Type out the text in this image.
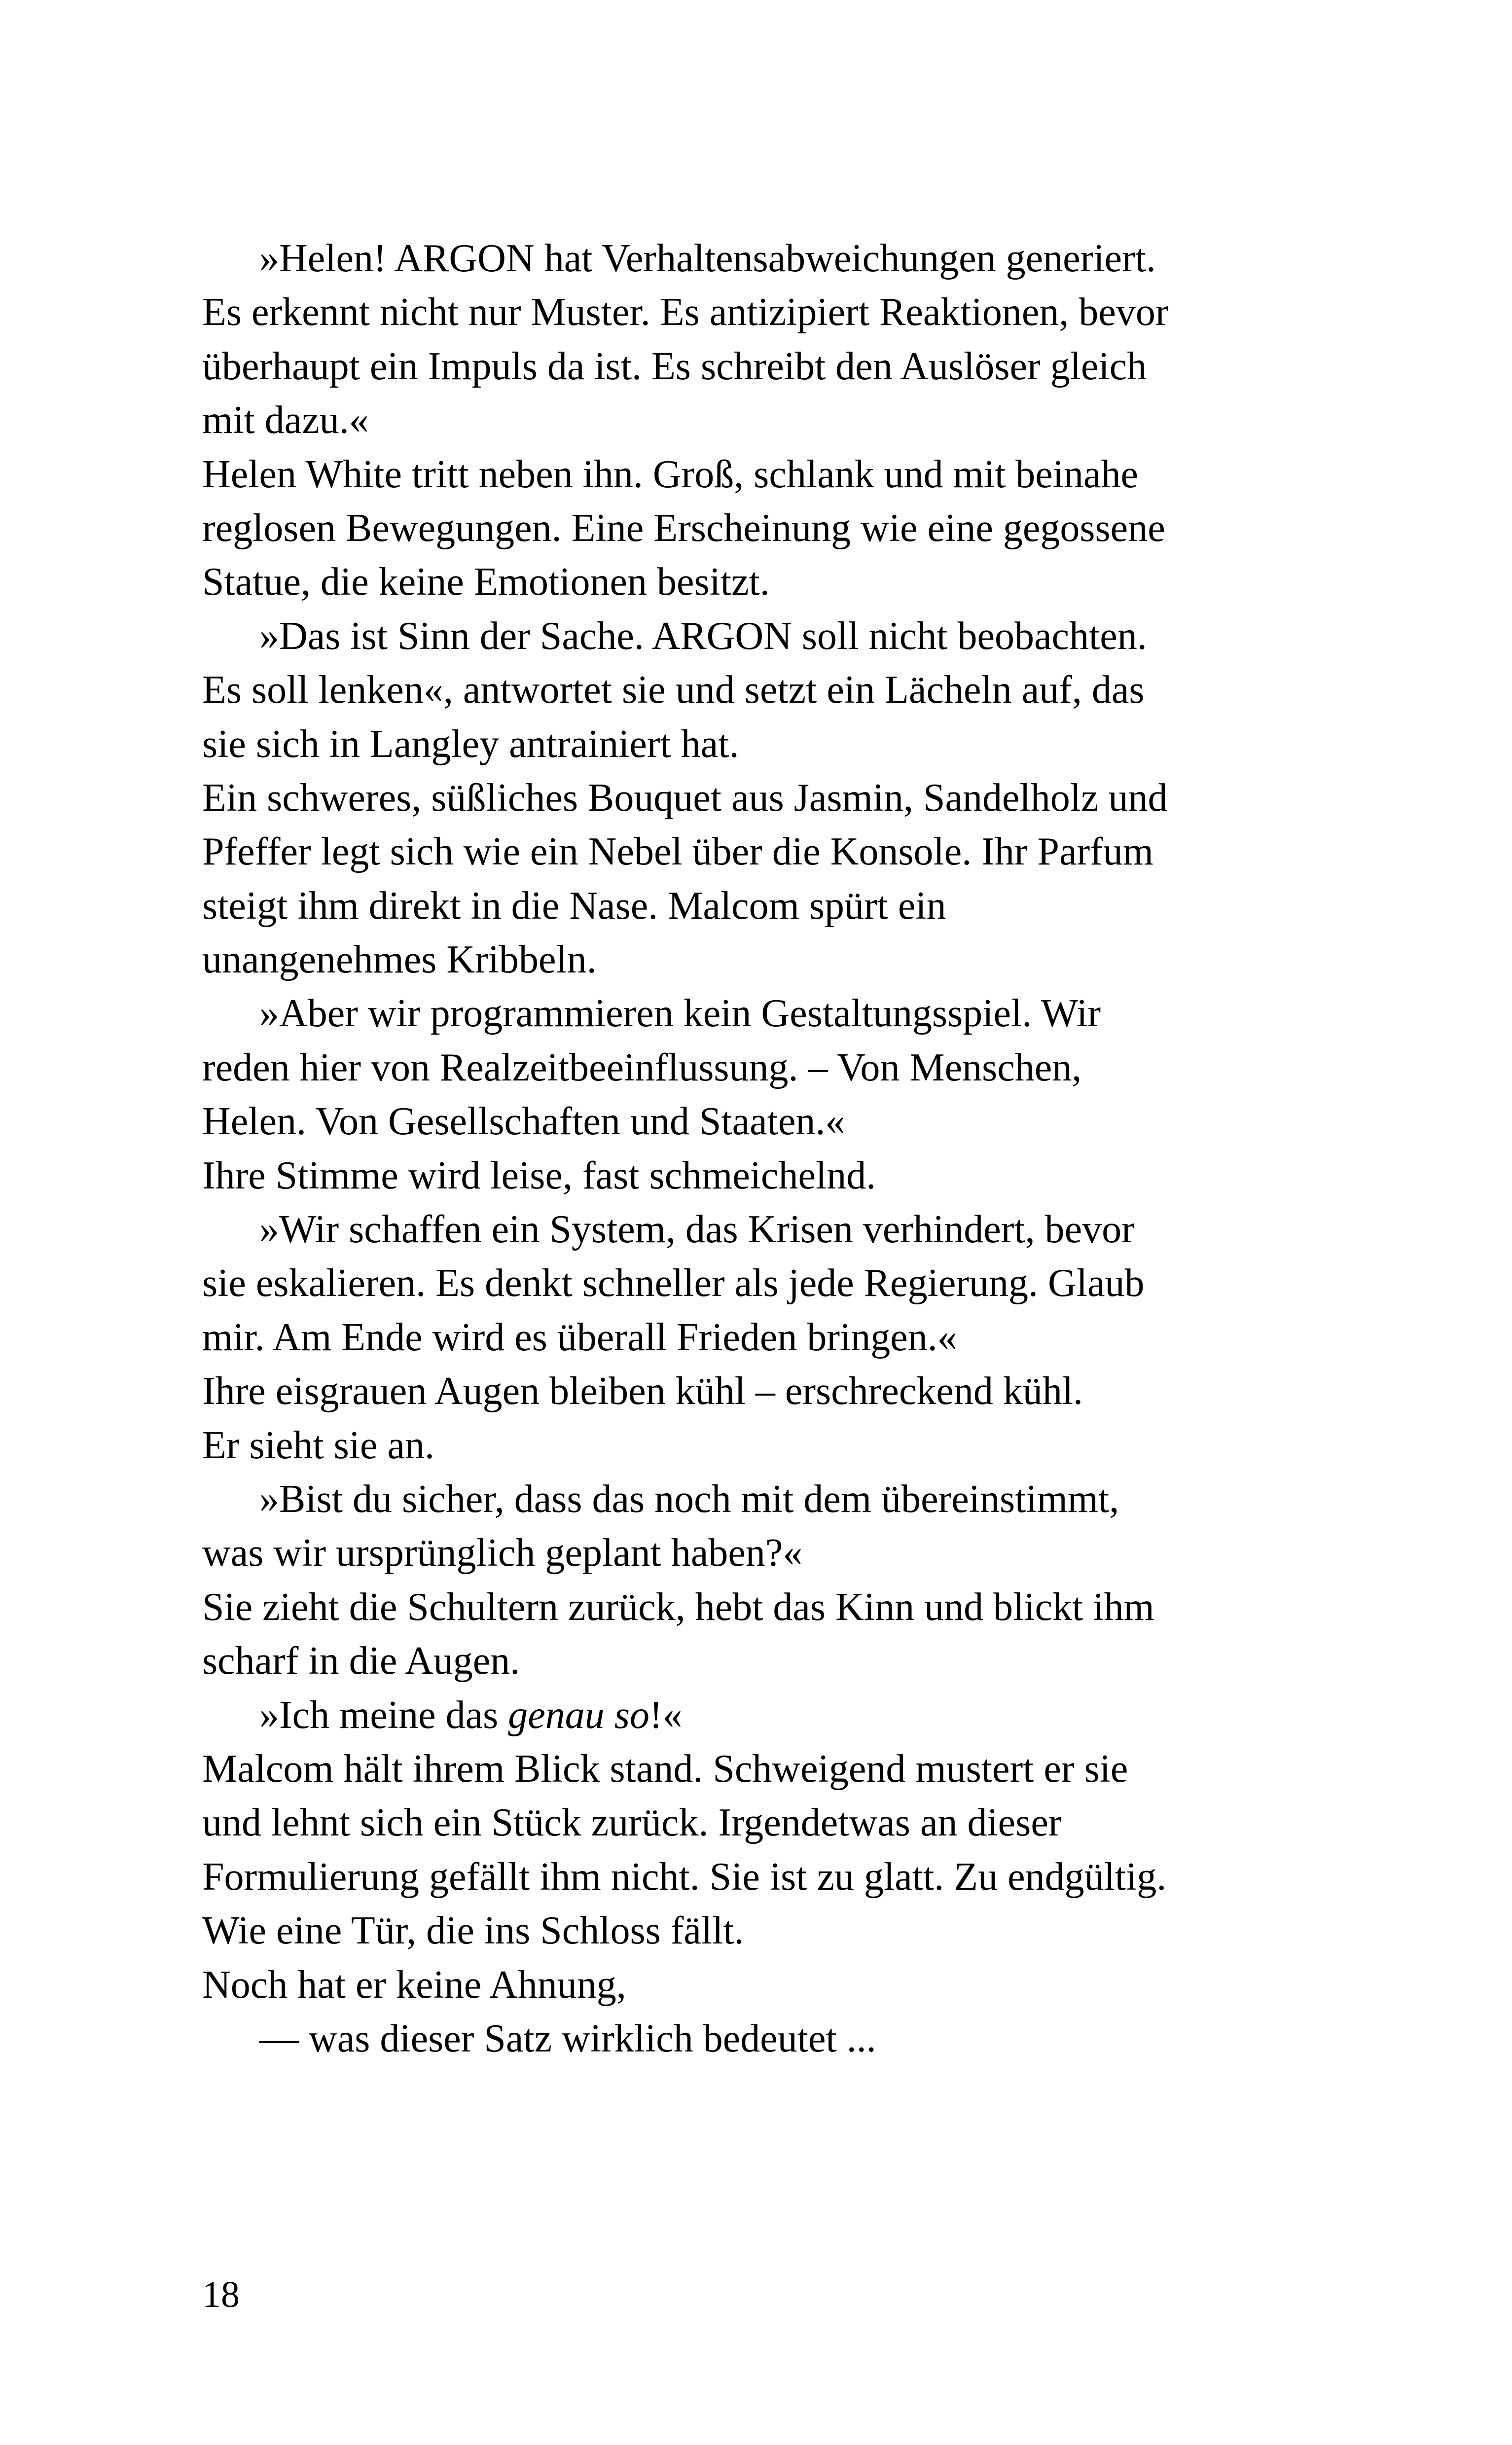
»Helen! ARGON hat Verhaltensabweichungen generiert.
Es erkennt nicht nur Muster. Es antizipiert Reaktionen, bevor
überhaupt ein Impuls da ist. Es schreibt den Auslöser gleich
mit dazu.«
Helen White tritt neben ihn. Groß, schlank und mit beinahe
reglosen Bewegungen. Eine Erscheinung wie eine gegossene
Statue, die keine Emotionen besitzt.
»Das ist Sinn der Sache. ARGON soll nicht beobachten.
Es soll lenken«, antwortet sie und setzt ein Lächeln auf, das
sie sich in Langley antrainiert hat.
Ein schweres, süßliches Bouquet aus Jasmin, Sandelholz und
Pfeffer legt sich wie ein Nebel über die Konsole. Ihr Parfum
steigt ihm direkt in die Nase. Malcom spürt ein
unangenehmes Kribbeln.
»Aber wir programmieren kein Gestaltungsspiel. Wir
reden hier von Realzeitbeeinflussung. – Von Menschen,
Helen. Von Gesellschaften und Staaten.«
Ihre Stimme wird leise, fast schmeichelnd.
»Wir schaffen ein System, das Krisen verhindert, bevor
sie eskalieren. Es denkt schneller als jede Regierung. Glaub
mir. Am Ende wird es überall Frieden bringen.«
Ihre eisgrauen Augen bleiben kühl – erschreckend kühl.
Er sieht sie an.
»Bist du sicher, dass das noch mit dem übereinstimmt,
was wir ursprünglich geplant haben?«
Sie zieht die Schultern zurück, hebt das Kinn und blickt ihm
scharf in die Augen.
»Ich meine das genau so!«
Malcom hält ihrem Blick stand. Schweigend mustert er sie
und lehnt sich ein Stück zurück. Irgendetwas an dieser
Formulierung gefällt ihm nicht. Sie ist zu glatt. Zu endgültig.
Wie eine Tür, die ins Schloss fällt.
Noch hat er keine Ahnung,
— was dieser Satz wirklich bedeutet ...
18
